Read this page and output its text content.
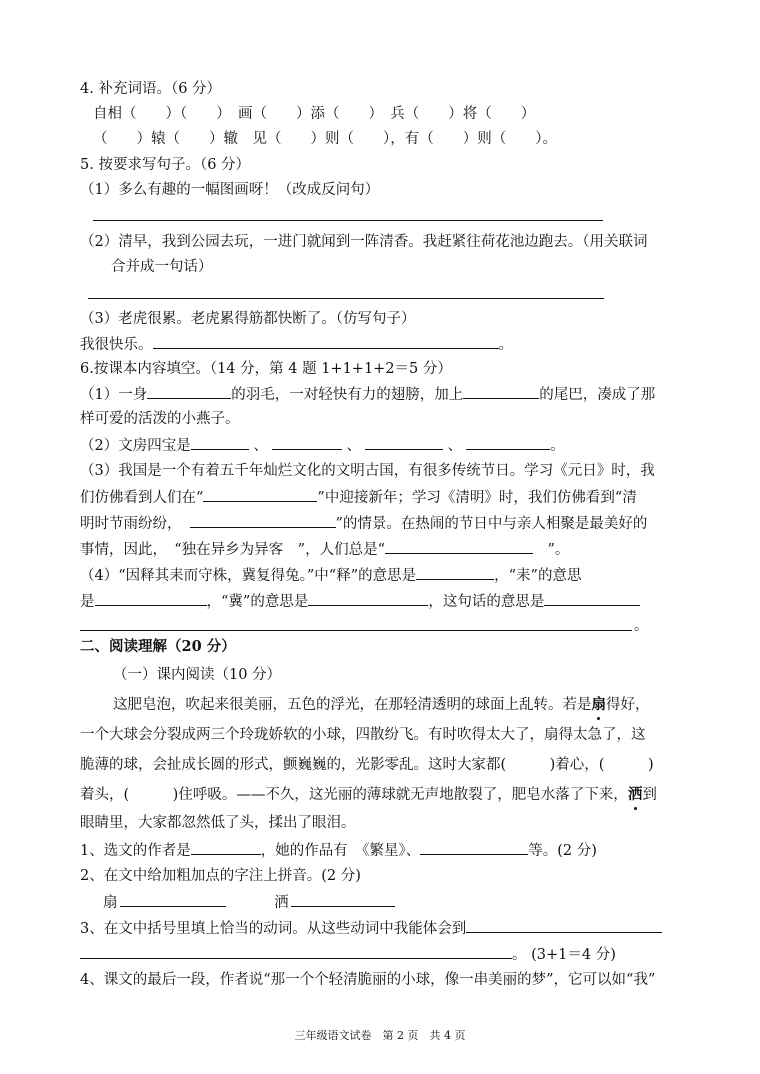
4. 补充词语。（6 分）
自相（　　）（　　）　画（　　）添（　　）　兵（　　）将（　　）
（　　）辕（　　）辙　见（　　）则（　　），有（　　）则（　　）。
5. 按要求写句子。（6 分）
（1）多么有趣的一幅图画呀！（改成反问句）
（2）清早，我到公园去玩，一进门就闻到一阵清香。我赶紧往荷花池边跑去。（用关联词
合并成一句话）
（3）老虎很累。老虎累得筋都快断了。（仿写句子）
我很快乐。	。
6.按课本内容填空。（14 分，第 4 题 1+1+1+2＝5 分）
（1）一身	的羽毛，一对轻快有力的翅膀，加上	的尾巴，凑成了那
样可爱的活泼的小燕子。
（2）文房四宝是	、	、	、	。
（3）我国是一个有着五千年灿烂文化的文明古国，有很多传统节日。学习《元日》时，我
们仿佛看到人们在“	”中迎接新年；学习《清明》时，我们仿佛看到“清
明时节雨纷纷，	”的情景。在热闹的节日中与亲人相聚是最美好的
事情，因此，　“独在异乡为异客　”，人们总是“	　”。
（4）“因释其耒而守株，冀复得兔。”中“释”的意思是	，“耒”的意思
是	，“冀”的意思是	，这句话的意思是
。
二、阅读理解（20 分）
（一）课内阅读（10 分）
这肥皂泡，吹起来很美丽，五色的浮光，在那轻清透明的球面上乱转。若是扇得好，
一个大球会分裂成两三个玲珑娇软的小球，四散纷飞。有时吹得太大了，扇得太急了，这
脆薄的球，会扯成长圆的形式，颤巍巍的，光影零乱。这时大家都(　　　)着心，(　　　)
着头，(　　　)住呼吸。——不久，这光丽的薄球就无声地散裂了，肥皂水落了下来，洒到
眼睛里，大家都忽然低了头，揉出了眼泪。
1、选文的作者是	，她的作品有　《繁星》、	等。(2 分)
2、在文中给加粗加点的字注上拼音。(2 分)
扇	洒
3、在文中括号里填上恰当的动词。从这些动词中我能体会到
。 (3+1＝4 分)
4、课文的最后一段，作者说“那一个个轻清脆丽的小球，像一串美丽的梦”，它可以如“我”
三年级语文试卷　第 2 页　共 4 页
